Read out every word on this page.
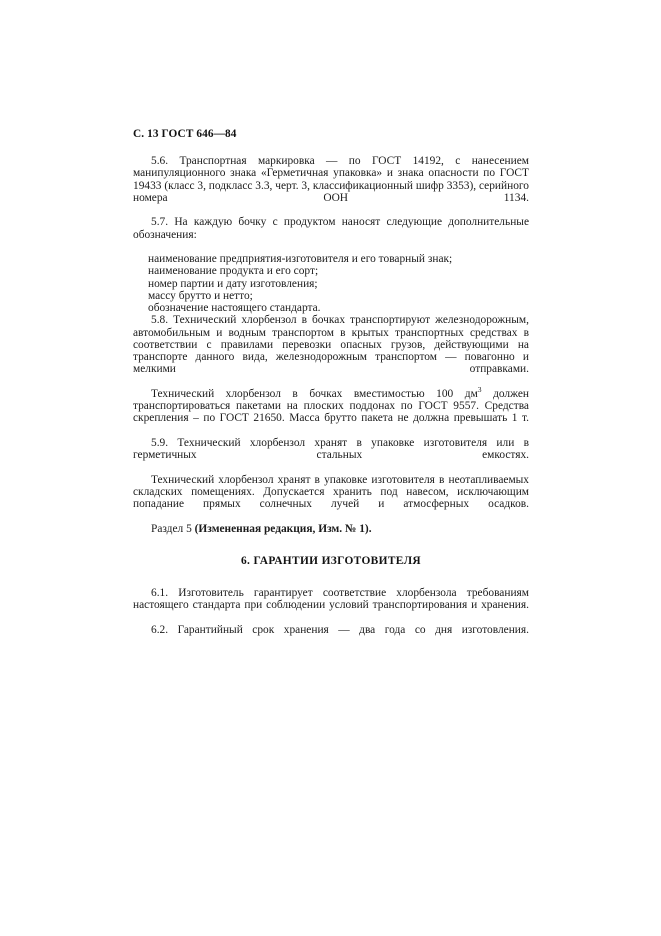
С. 13 ГОСТ 646—84

5.6. Транспортная маркировка — по ГОСТ 14192, с нанесением манипуляционного знака «Герметичная упаковка» и знака опасности по ГОСТ 19433 (класс 3, подкласс 3.3, черт. 3, классификационный шифр 3353), серийного номера ООН 1134.

5.7. На каждую бочку с продуктом наносят следующие дополнительные обозначения:

наименование предприятия-изготовителя и его товарный знак;
наименование продукта и его сорт;
номер партии и дату изготовления;
массу брутто и нетто;
обозначение настоящего стандарта.

5.8. Технический хлорбензол в бочках транспортируют железнодорожным, автомобильным и водным транспортом в крытых транспортных средствах в соответствии с правилами перевозки опасных грузов, действующими на транспорте данного вида, железнодорожным транспортом — повагонно и мелкими отправками.

Технический хлорбензол в бочках вместимостью 100 $дм^3$ должен транспортироваться пакетами на плоских поддонах по ГОСТ 9557. Средства скрепления – по ГОСТ 21650. Масса брутто пакета не должна превышать 1 т.

5.9. Технический хлорбензол хранят в упаковке изготовителя или в герметичных стальных емкостях.

Технический хлорбензол хранят в упаковке изготовителя в неотапливаемых складских помещениях. Допускается хранить под навесом, исключающим попадание прямых солнечных лучей и атмосферных осадков.

Раздел 5 (Измененная редакция, Изм. № 1).
6. ГАРАНТИИ ИЗГОТОВИТЕЛЯ

6.1. Изготовитель гарантирует соответствие хлорбензола требованиям настоящего стандарта при соблюдении условий транспортирования и хранения.

6.2. Гарантийный срок хранения — два года со дня изготовления.
